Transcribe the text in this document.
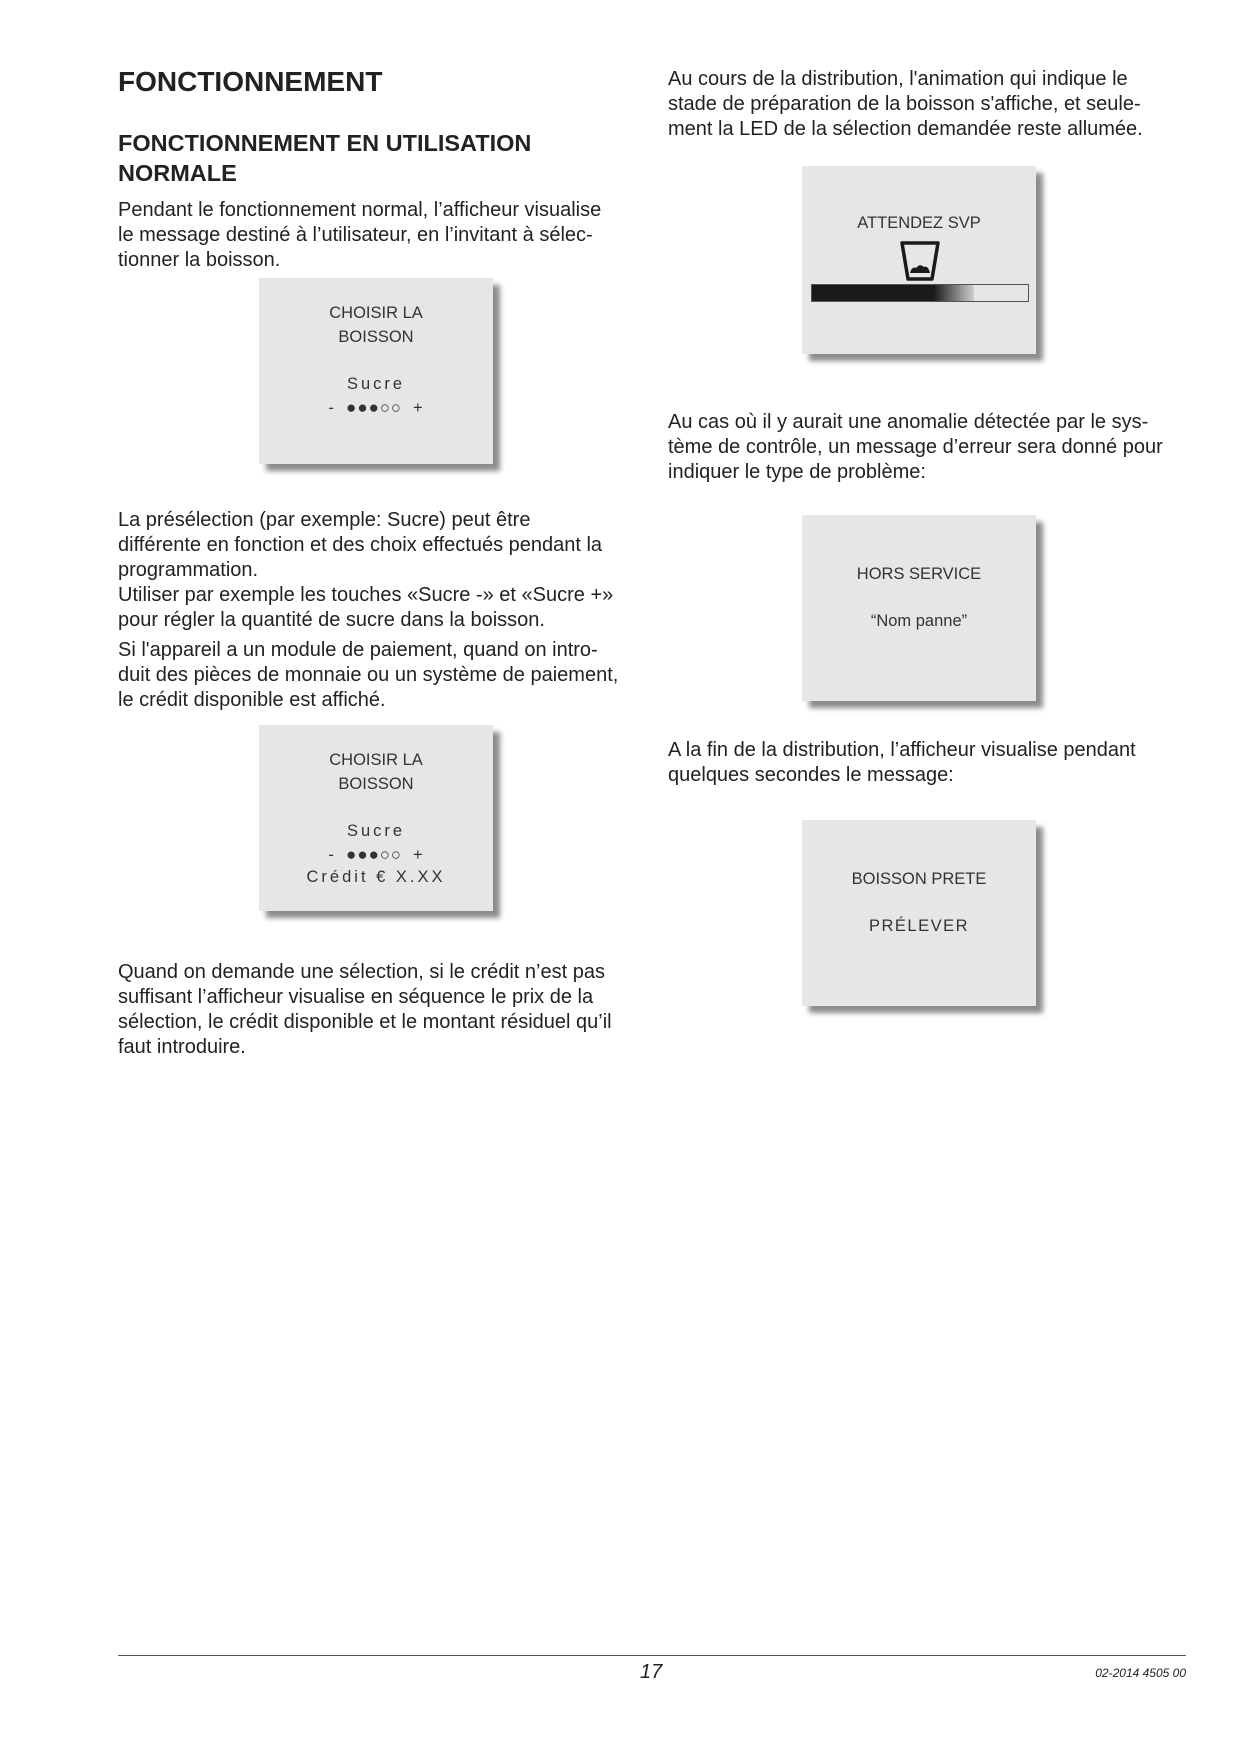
FONCTIONNEMENT
FONCTIONNEMENT EN UTILISATION
NORMALE

Pendant le fonctionnement normal, l’afficheur visualise
le message destiné à l’utilisateur, en l’invitant à sélec-
tionner la boisson.

CHOISIR LA
BOISSON
Sucre
- ●●●○○ +

La présélection (par exemple: Sucre) peut être
différente en fonction et des choix effectués pendant la
programmation.
Utiliser par exemple les touches «Sucre -» et «Sucre +»
pour régler la quantité de sucre dans la boisson.

Si l'appareil a un module de paiement, quand on intro-
duit des pièces de monnaie ou un système de paiement,
le crédit disponible est affiché.

CHOISIR LA
BOISSON
Sucre
- ●●●○○ +
Crédit € X.XX

Quand on demande une sélection, si le crédit n’est pas
suffisant l’afficheur visualise en séquence le prix de la
sélection, le crédit disponible et le montant résiduel qu’il
faut introduire.

Au cours de la distribution, l'animation qui indique le
stade de préparation de la boisson s'affiche, et seule-
ment la LED de la sélection demandée reste allumée.

ATTENDEZ SVP

Au cas où il y aurait une anomalie détectée par le sys-
tème de contrôle, un message d’erreur sera donné pour
indiquer le type de problème:

HORS SERVICE
“Nom panne”

A la fin de la distribution, l’afficheur visualise pendant
quelques secondes le message:

BOISSON PRETE
PRÉLEVER
17	02-2014 4505 00
